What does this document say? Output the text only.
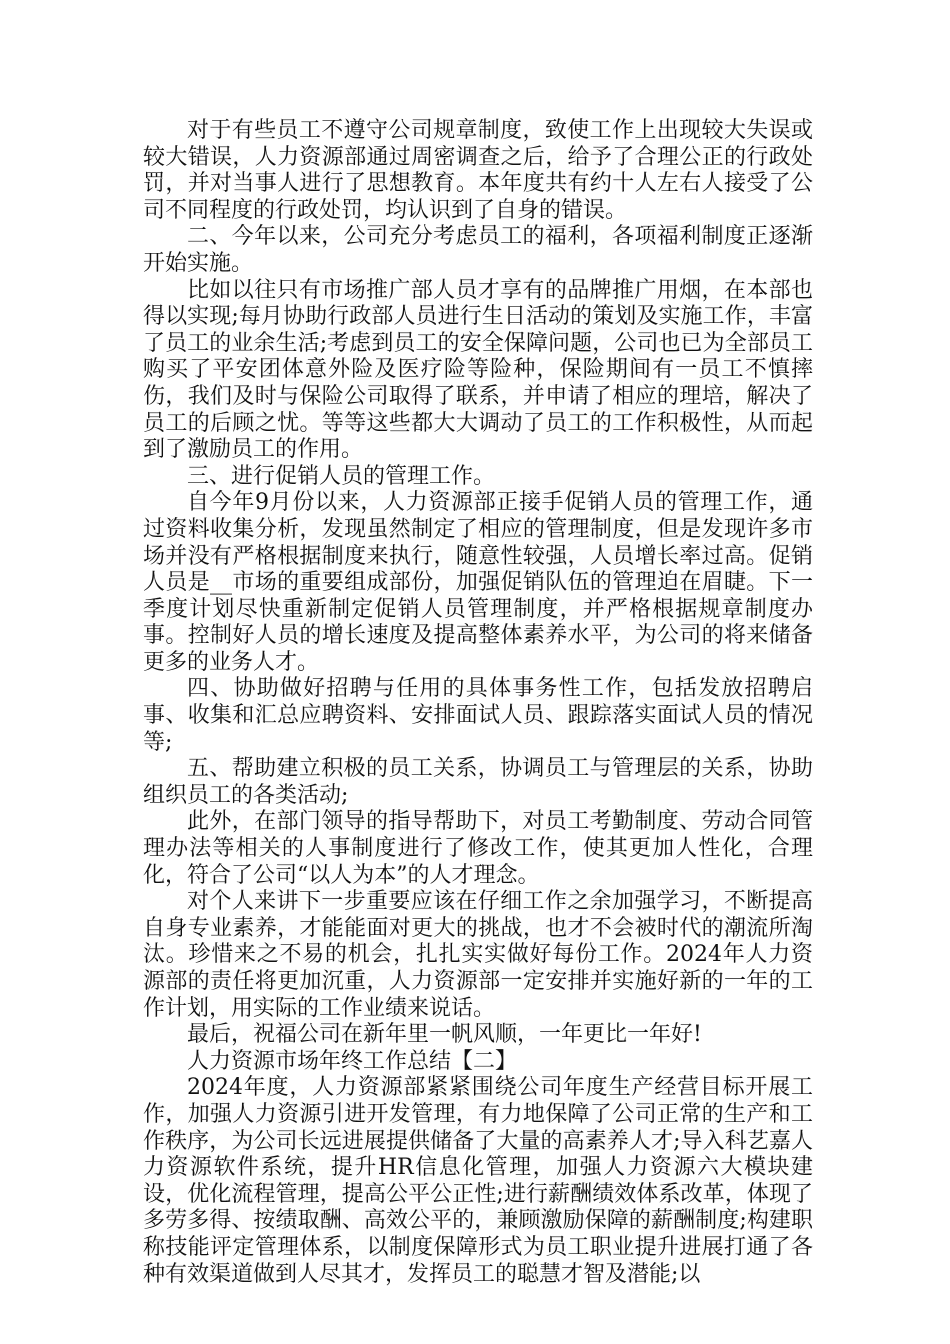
对于有些员工不遵守公司规章制度，致使工作上出现较大失误或较大错误，人力资源部通过周密调查之后，给予了合理公正的行政处罚，并对当事人进行了思想教育。本年度共有约十人左右人接受了公司不同程度的行政处罚，均认识到了自身的错误。

二、今年以来，公司充分考虑员工的福利，各项福利制度正逐渐开始实施。

比如以往只有市场推广部人员才享有的品牌推广用烟，在本部也得以实现;每月协助行政部人员进行生日活动的策划及实施工作，丰富了员工的业余生活;考虑到员工的安全保障问题，公司也已为全部员工购买了平安团体意外险及医疗险等险种，保险期间有一员工不慎摔伤，我们及时与保险公司取得了联系，并申请了相应的理培，解决了员工的后顾之忧。等等这些都大大调动了员工的工作积极性，从而起到了激励员工的作用。

三、进行促销人员的管理工作。

自今年9月份以来，人力资源部正接手促销人员的管理工作，通过资料收集分析，发现虽然制定了相应的管理制度，但是发现许多市场并没有严格根据制度来执行，随意性较强，人员增长率过高。促销人员是__市场的重要组成部份，加强促销队伍的管理迫在眉睫。下一季度计划尽快重新制定促销人员管理制度，并严格根据规章制度办事。控制好人员的增长速度及提高整体素养水平，为公司的将来储备更多的业务人才。

四、协助做好招聘与任用的具体事务性工作，包括发放招聘启事、收集和汇总应聘资料、安排面试人员、跟踪落实面试人员的情况等;

五、帮助建立积极的员工关系，协调员工与管理层的关系，协助组织员工的各类活动;

此外，在部门领导的指导帮助下，对员工考勤制度、劳动合同管理办法等相关的人事制度进行了修改工作，使其更加人性化，合理化，符合了公司“以人为本”的人才理念。

对个人来讲下一步重要应该在仔细工作之余加强学习，不断提高自身专业素养，才能能面对更大的挑战，也才不会被时代的潮流所淘汰。珍惜来之不易的机会，扎扎实实做好每份工作。2024年人力资源部的责任将更加沉重，人力资源部一定安排并实施好新的一年的工作计划，用实际的工作业绩来说话。

最后，祝福公司在新年里一帆风顺，一年更比一年好!

人力资源市场年终工作总结【二】

2024年度，人力资源部紧紧围绕公司年度生产经营目标开展工作，加强人力资源引进开发管理，有力地保障了公司正常的生产和工作秩序，为公司长远进展提供储备了大量的高素养人才;导入科艺嘉人力资源软件系统，提升HR信息化管理，加强人力资源六大模块建设，优化流程管理，提高公平公正性;进行薪酬绩效体系改革，体现了多劳多得、按绩取酬、高效公平的，兼顾激励保障的薪酬制度;构建职称技能评定管理体系，以制度保障形式为员工职业提升进展打通了各种有效渠道做到人尽其才，发挥员工的聪慧才智及潜能;以
